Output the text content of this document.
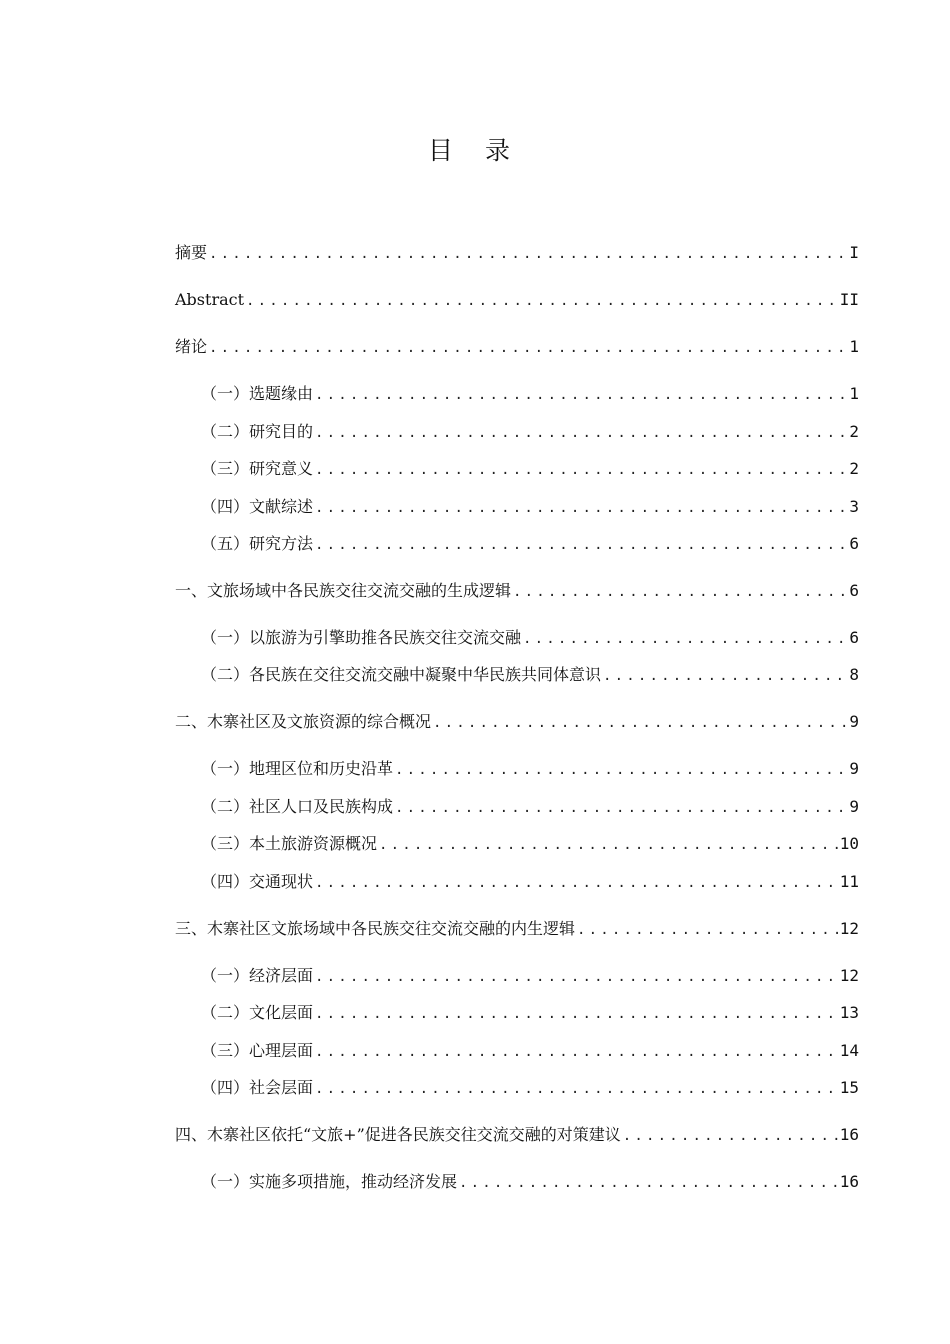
目 录
摘要 .....	I
Abstract .....	II
绪论 .....	1
（一）选题缘由 .....	1
（二）研究目的 .....	2
（三）研究意义 .....	2
（四）文献综述 .....	3
（五）研究方法 .....	6
一、文旅场域中各民族交往交流交融的生成逻辑 .....	6
（一）以旅游为引擎助推各民族交往交流交融 .....	6
（二）各民族在交往交流交融中凝聚中华民族共同体意识 .....	8
二、木寨社区及文旅资源的综合概况 .....	9
（一）地理区位和历史沿革 .....	9
（二）社区人口及民族构成 .....	9
（三）本土旅游资源概况 .....	10
（四）交通现状 .....	11
三、木寨社区文旅场域中各民族交往交流交融的内生逻辑 .....	12
（一）经济层面 .....	12
（二）文化层面 .....	13
（三）心理层面 .....	14
（四）社会层面 .....	15
四、木寨社区依托“文旅+”促进各民族交往交流交融的对策建议 .....	16
（一）实施多项措施，推动经济发展 .....	16
